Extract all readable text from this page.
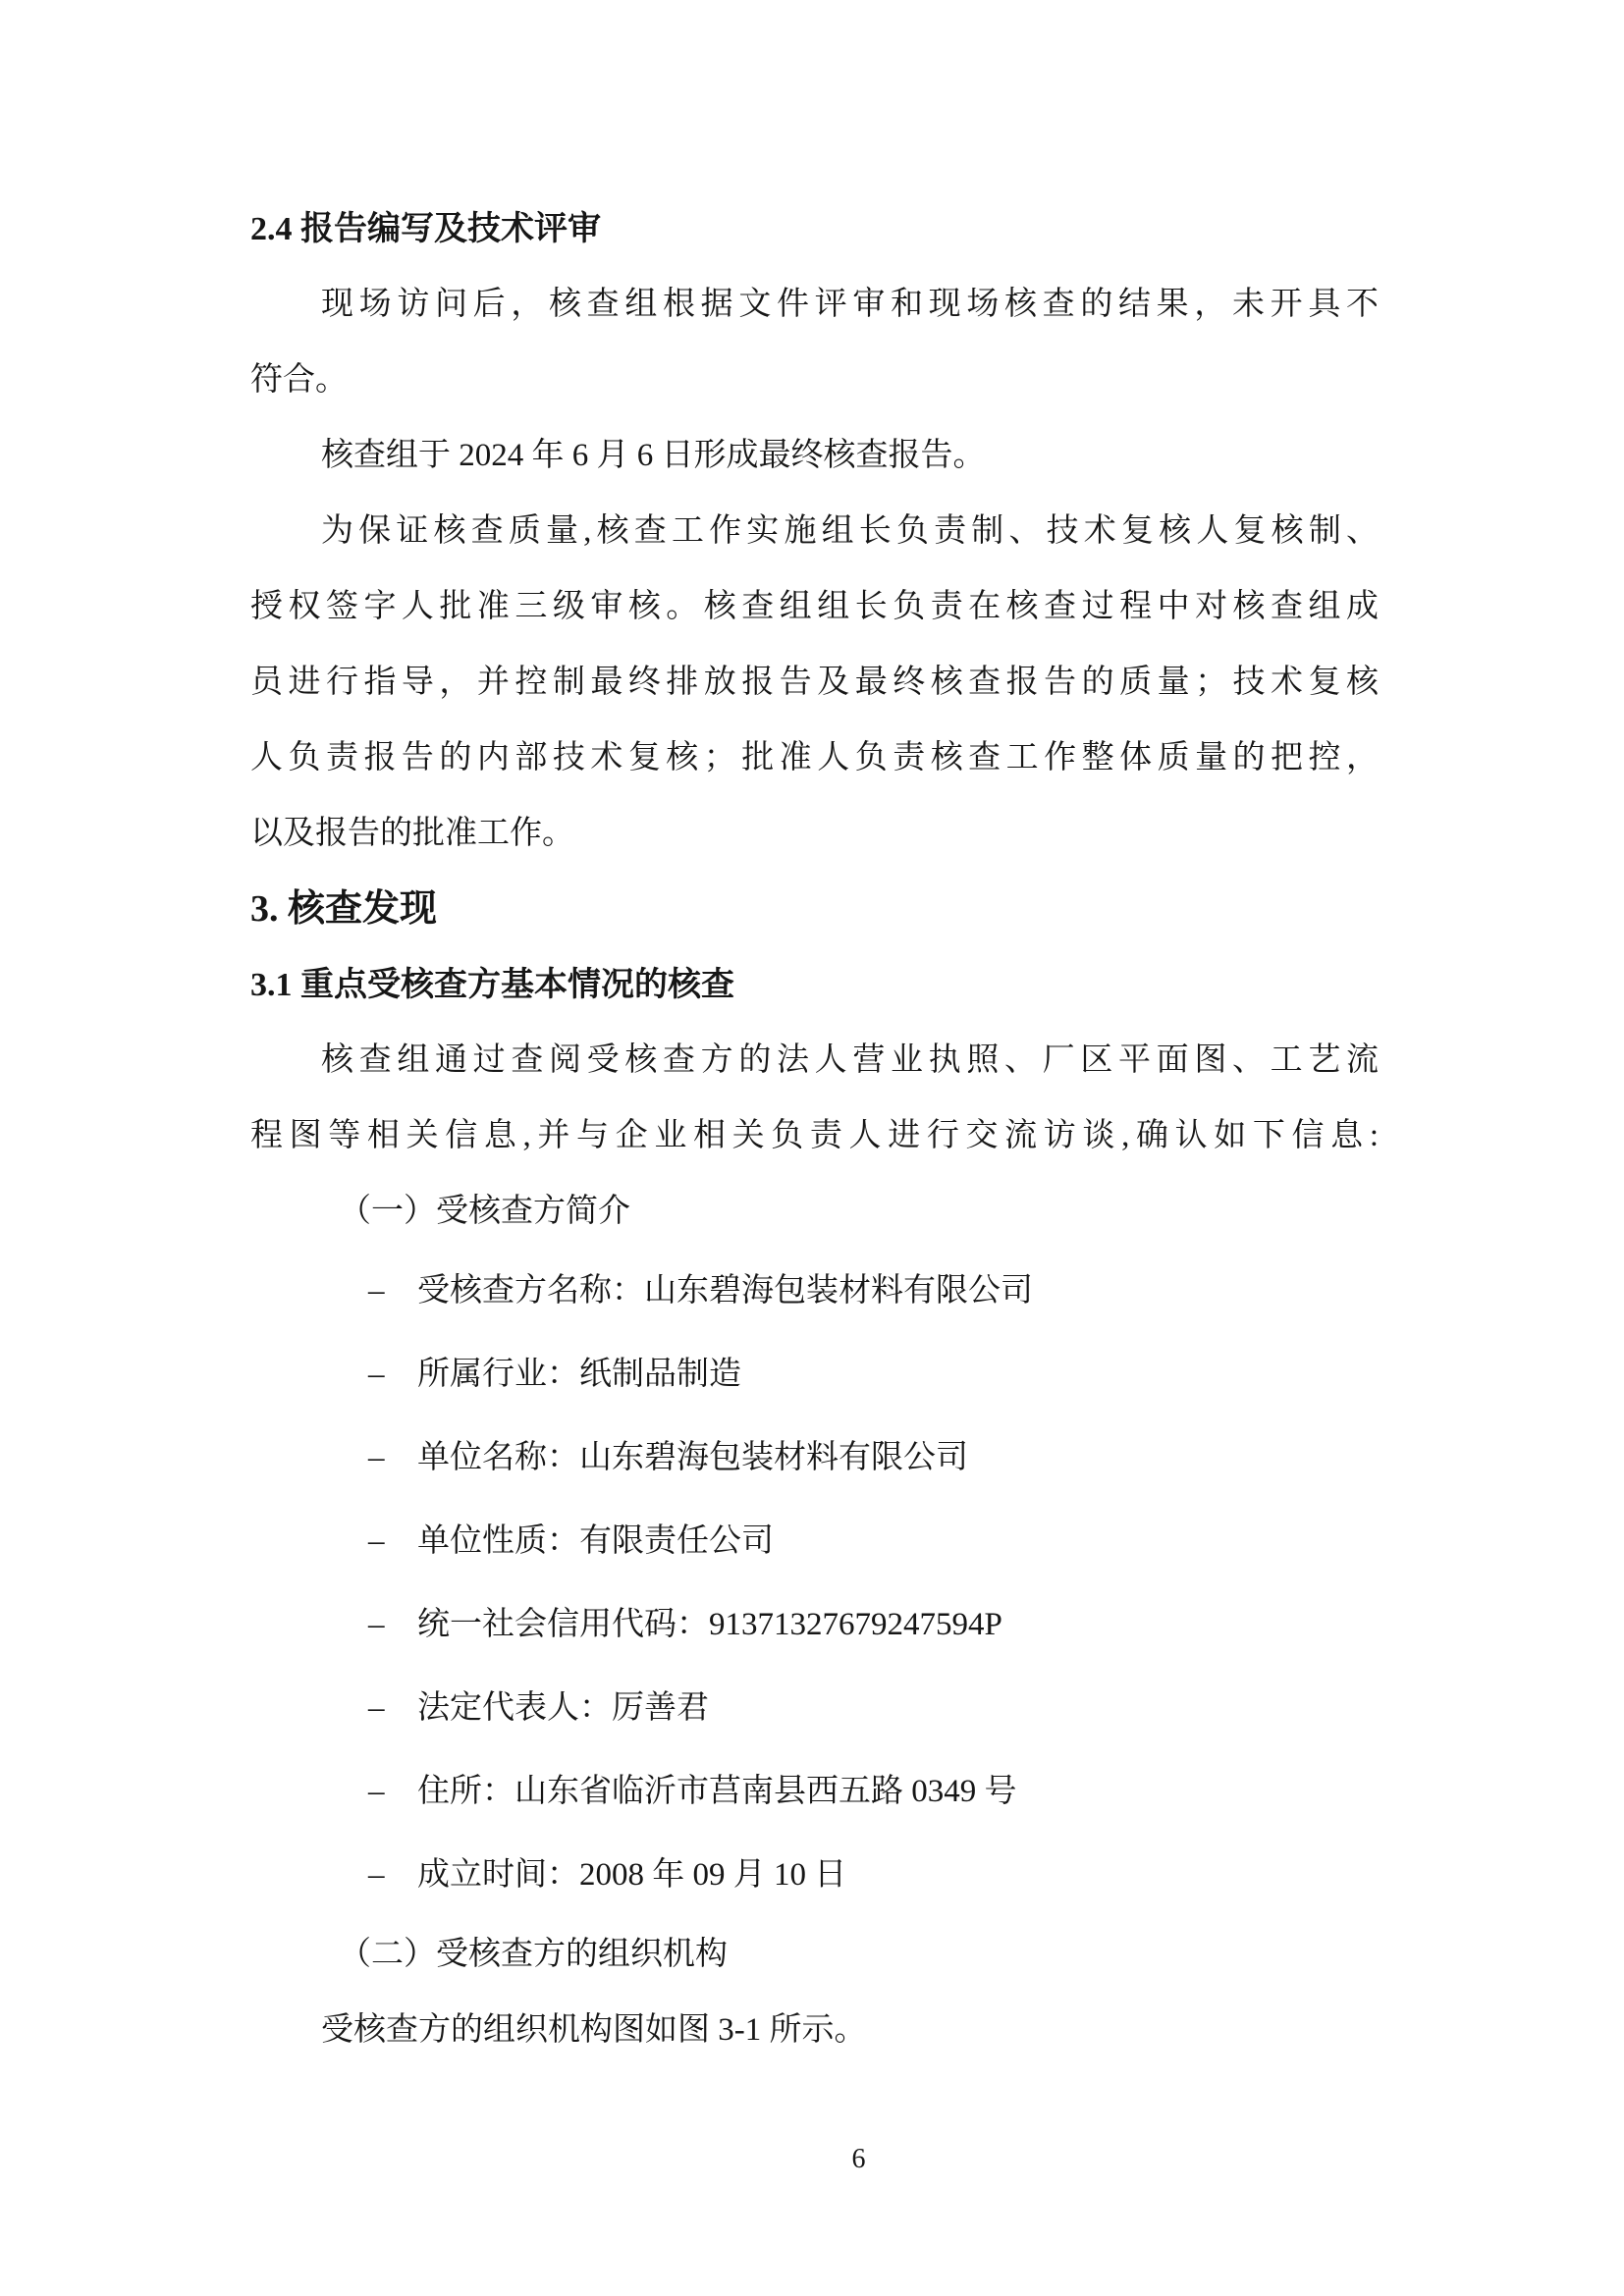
2.4 报告编写及技术评审
现场访问后，核查组根据文件评审和现场核查的结果，未开具不
符合。
核查组于 2024 年 6 月 6 日形成最终核查报告。
为保证核查质量,核查工作实施组长负责制、技术复核人复核制、
授权签字人批准三级审核。核查组组长负责在核查过程中对核查组成
员进行指导，并控制最终排放报告及最终核查报告的质量；技术复核
人负责报告的内部技术复核；批准人负责核查工作整体质量的把控，
以及报告的批准工作。
3. 核查发现
3.1 重点受核查方基本情况的核查
核查组通过查阅受核查方的法人营业执照、厂区平面图、工艺流
程图等相关信息,并与企业相关负责人进行交流访谈,确认如下信息:
（一）受核查方简介
– 受核查方名称：山东碧海包装材料有限公司
– 所属行业：纸制品制造
– 单位名称：山东碧海包装材料有限公司
– 单位性质：有限责任公司
– 统一社会信用代码：91371327679247594P
– 法定代表人：厉善君
– 住所：山东省临沂市莒南县西五路 0349 号
– 成立时间：2008 年 09 月 10 日
（二）受核查方的组织机构
受核查方的组织机构图如图 3-1 所示。
6
